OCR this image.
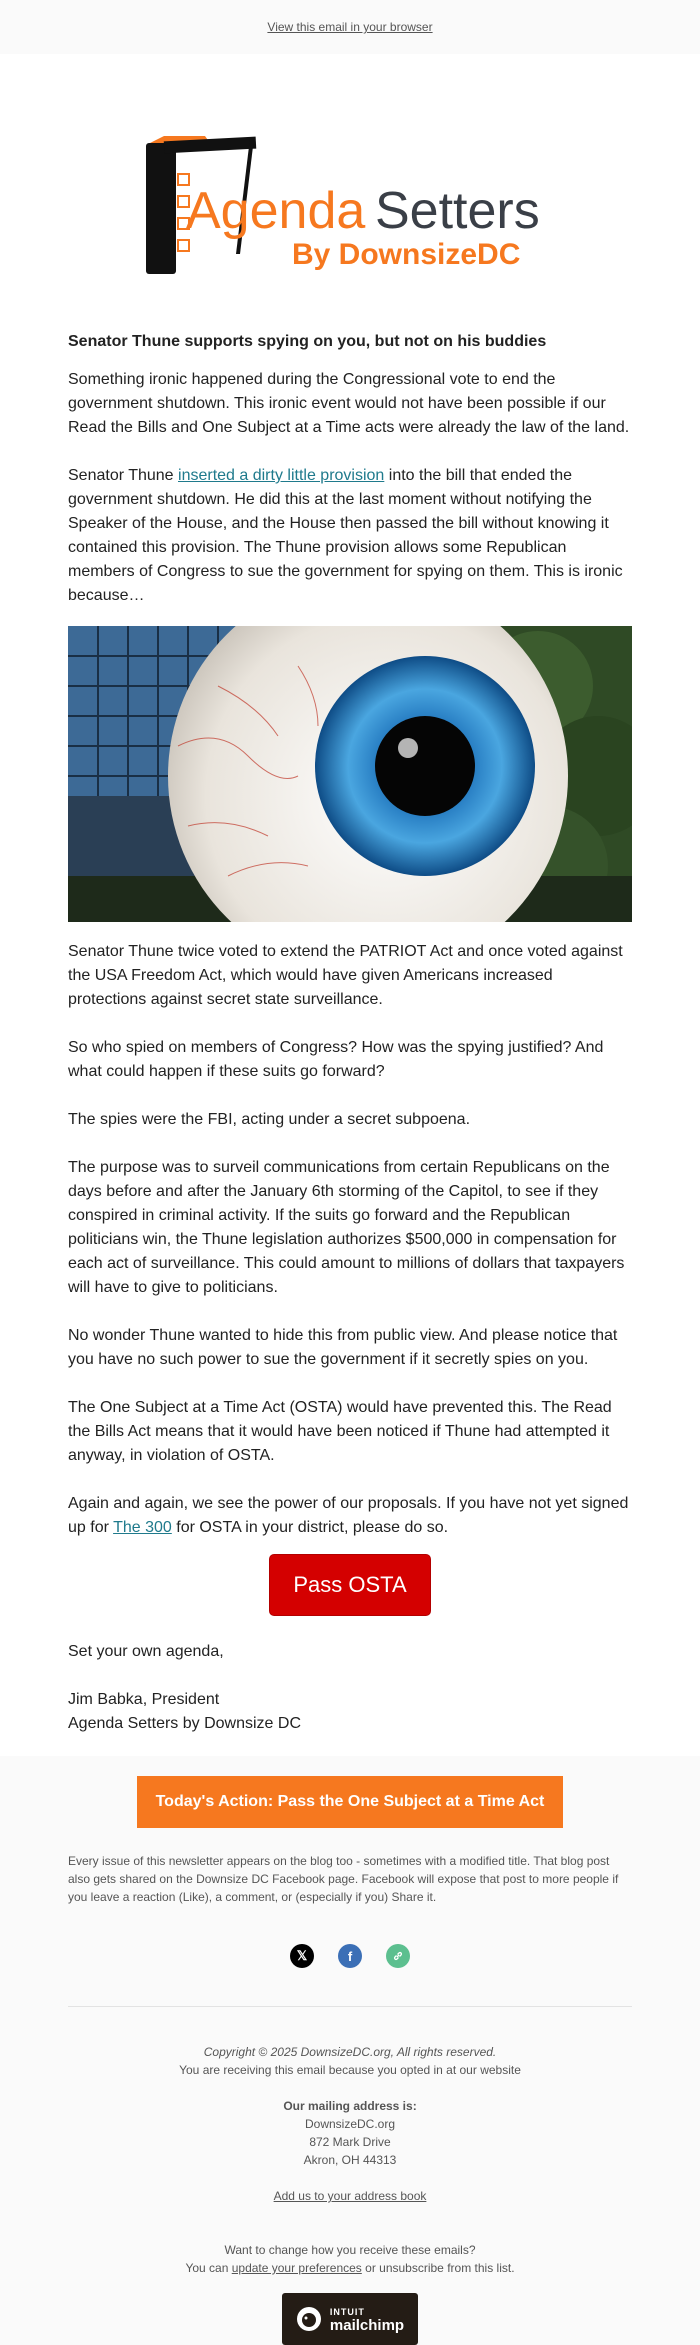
View this email in your browser
Agenda Setters
By DownsizeDC

Senator Thune supports spying on you, but not on his buddies

Something ironic happened during the Congressional vote to end the government shutdown. This ironic event would not have been possible if our Read the Bills and One Subject at a Time acts were already the law of the land.

Senator Thune inserted a dirty little provision into the bill that ended the government shutdown. He did this at the last moment without notifying the Speaker of the House, and the House then passed the bill without knowing it contained this provision. The Thune provision allows some Republican members of Congress to sue the government for spying on them. This is ironic because…

Senator Thune twice voted to extend the PATRIOT Act and once voted against the USA Freedom Act, which would have given Americans increased protections against secret state surveillance.

So who spied on members of Congress? How was the spying justified? And what could happen if these suits go forward?

The spies were the FBI, acting under a secret subpoena.

The purpose was to surveil communications from certain Republicans on the days before and after the January 6th storming of the Capitol, to see if they conspired in criminal activity. If the suits go forward and the Republican politicians win, the Thune legislation authorizes $500,000 in compensation for each act of surveillance. This could amount to millions of dollars that taxpayers will have to give to politicians.

No wonder Thune wanted to hide this from public view. And please notice that you have no such power to sue the government if it secretly spies on you.

The One Subject at a Time Act (OSTA) would have prevented this. The Read the Bills Act means that it would have been noticed if Thune had attempted it anyway, in violation of OSTA.

Again and again, we see the power of our proposals. If you have not yet signed up for The 300 for OSTA in your district, please do so.

Pass OSTA

Set your own agenda,

Jim Babka, President

Agenda Setters by Downsize DC

Today's Action: Pass the One Subject at a Time Act

Every issue of this newsletter appears on the blog too - sometimes with a modified title. That blog post also gets shared on the Downsize DC Facebook page. Facebook will expose that post to more people if you leave a reaction (Like), a comment, or (especially if you) Share it.

𝕏	f
Copyright © 2025 DownsizeDC.org, All rights reserved.
You are receiving this email because you opted in at our website
Our mailing address is:
DownsizeDC.org
872 Mark Drive
Akron, OH 44313
Add us to your address book
Want to change how you receive these emails?
You can update your preferences or unsubscribe from this list.
INTUIT
mailchimp
